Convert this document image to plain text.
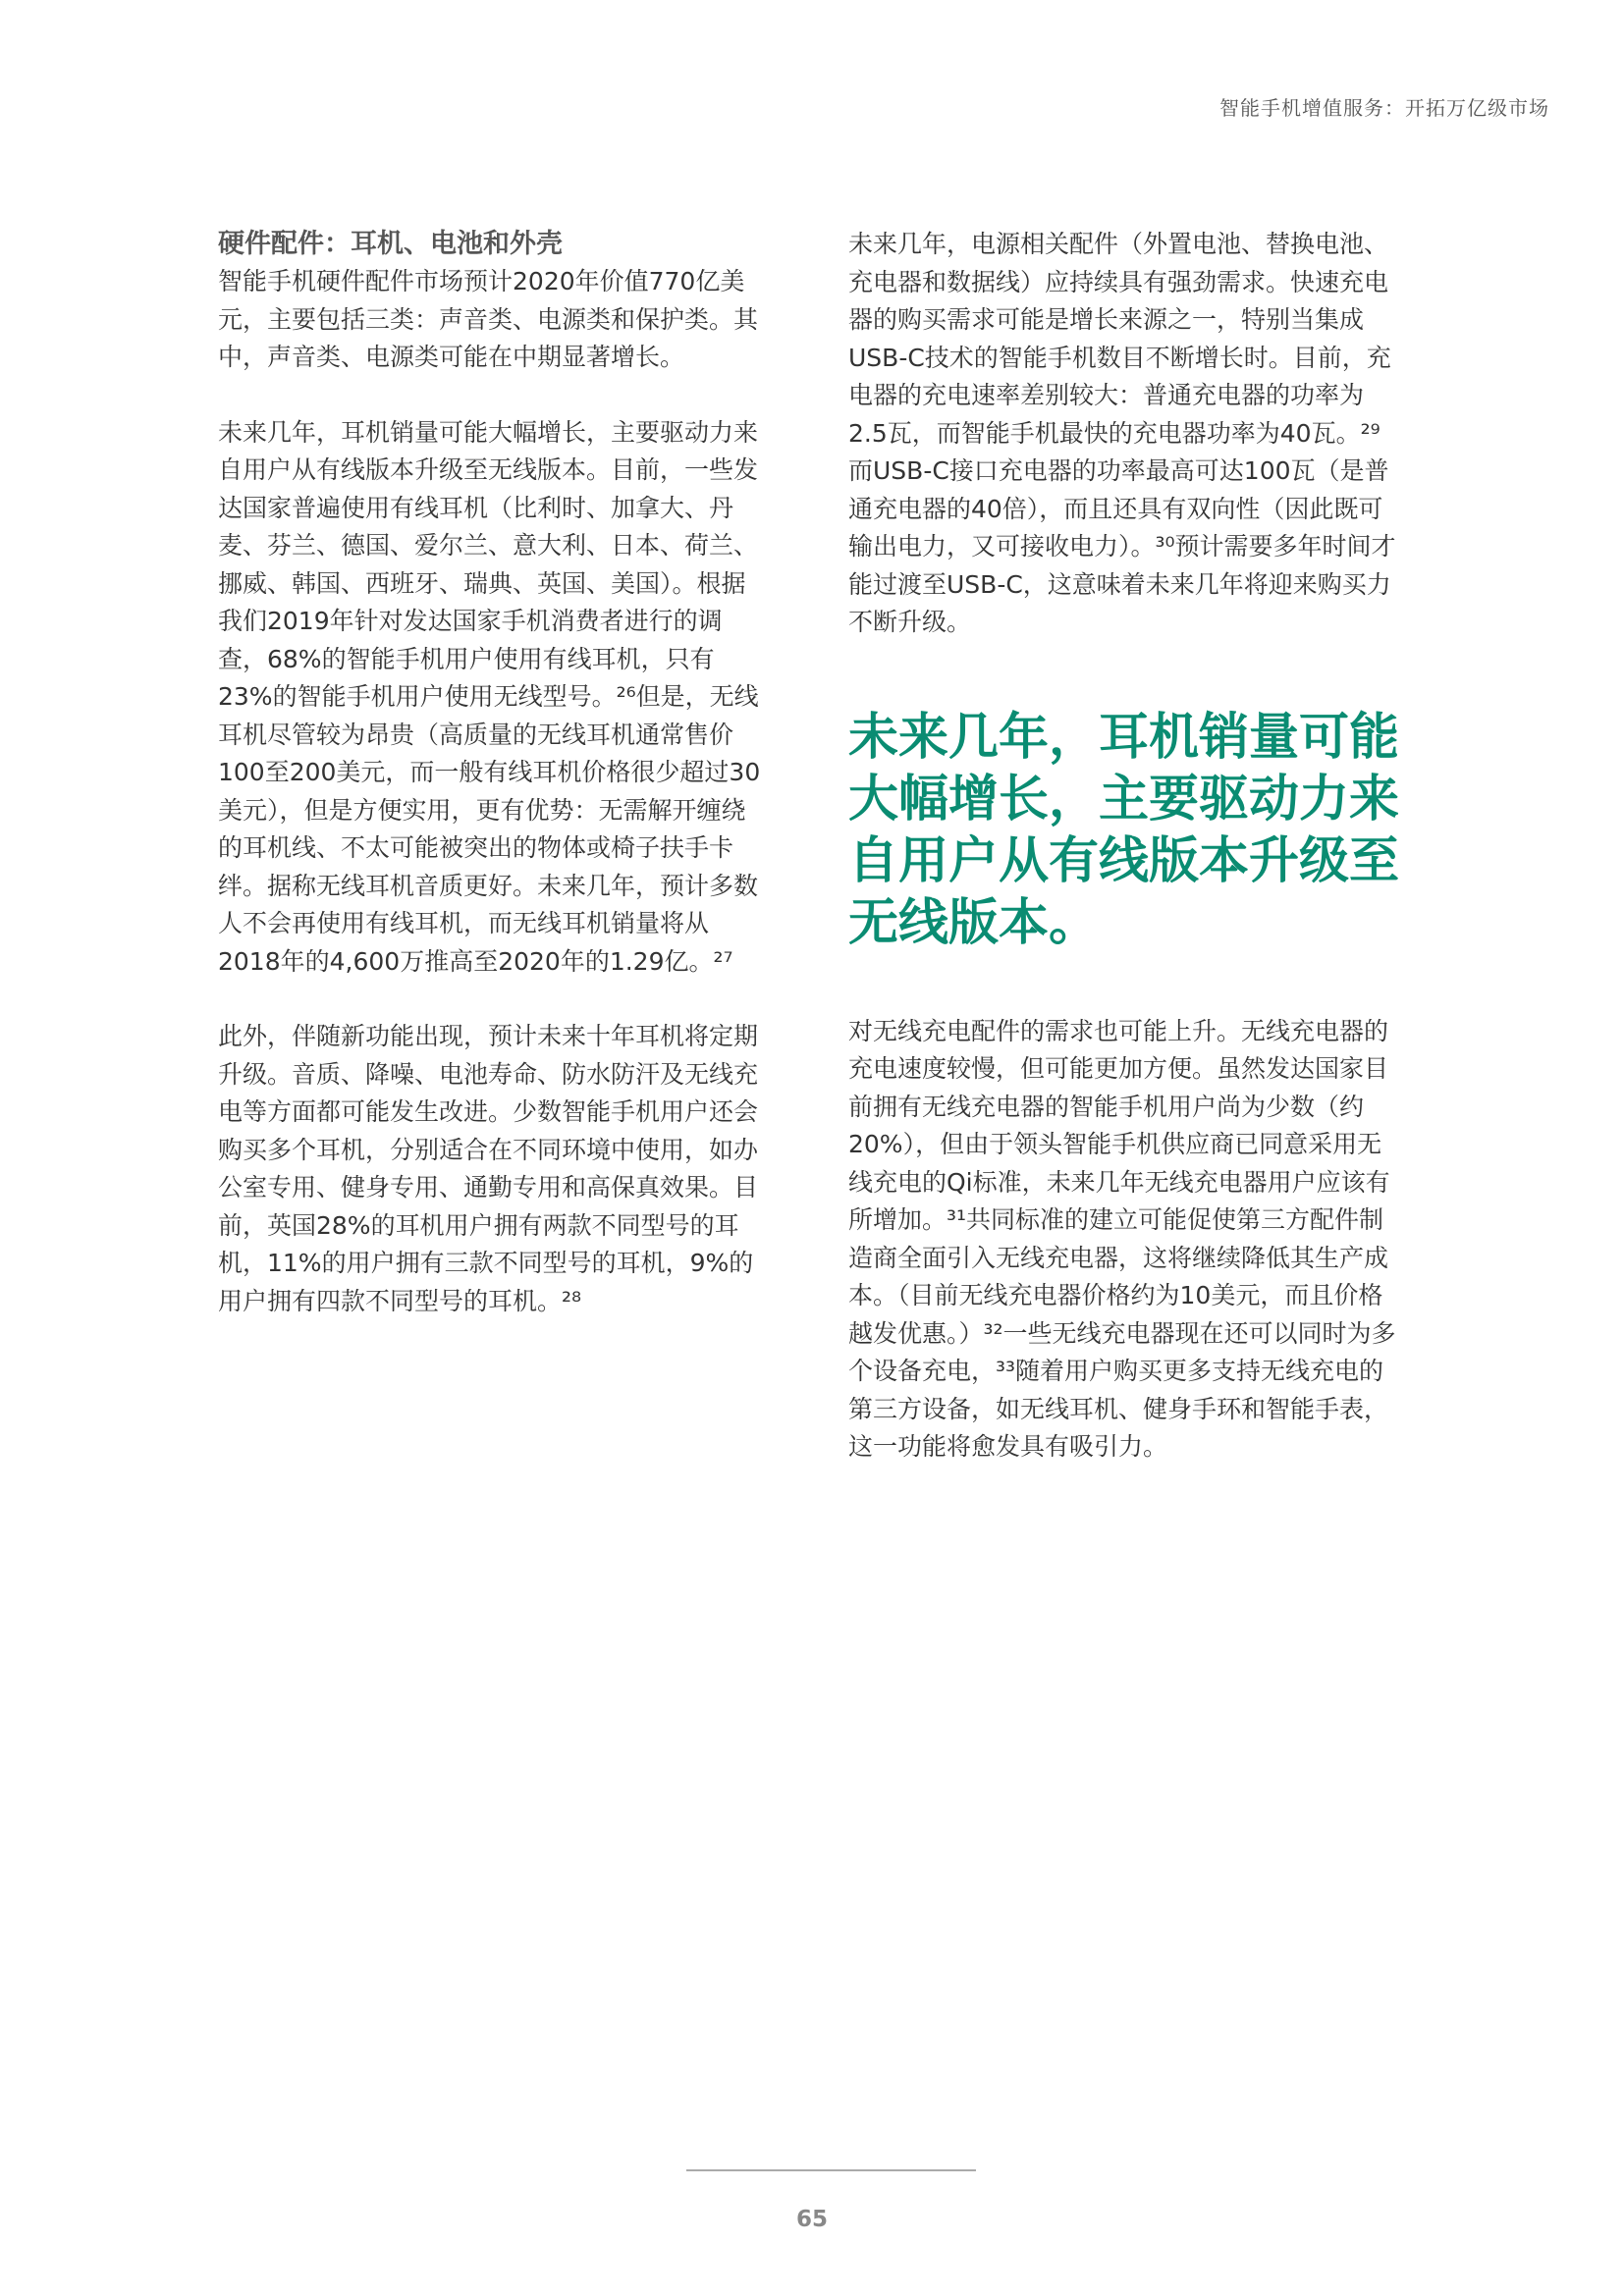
智能手机增值服务：开拓万亿级市场
硬件配件：耳机、电池和外壳

智能手机硬件配件市场预计2020年价值770亿美元，主要包括三类：声音类、电源类和保护类。其中，声音类、电源类可能在中期显著增长。

未来几年，耳机销量可能大幅增长，主要驱动力来自用户从有线版本升级至无线版本。目前，一些发达国家普遍使用有线耳机（比利时、加拿大、丹麦、芬兰、德国、爱尔兰、意大利、日本、荷兰、挪威、韩国、西班牙、瑞典、英国、美国）。根据我们2019年针对发达国家手机消费者进行的调查，68%的智能手机用户使用有线耳机，只有23%的智能手机用户使用无线型号。²⁶但是，无线耳机尽管较为昂贵（高质量的无线耳机通常售价100至200美元，而一般有线耳机价格很少超过30美元），但是方便实用，更有优势：无需解开缠绕的耳机线、不太可能被突出的物体或椅子扶手卡绊。据称无线耳机音质更好。未来几年，预计多数人不会再使用有线耳机，而无线耳机销量将从2018年的4,600万推高至2020年的1.29亿。²⁷

此外，伴随新功能出现，预计未来十年耳机将定期升级。音质、降噪、电池寿命、防水防汗及无线充电等方面都可能发生改进。少数智能手机用户还会购买多个耳机，分别适合在不同环境中使用，如办公室专用、健身专用、通勤专用和高保真效果。目前，英国28%的耳机用户拥有两款不同型号的耳机，11%的用户拥有三款不同型号的耳机，9%的用户拥有四款不同型号的耳机。²⁸

未来几年，电源相关配件（外置电池、替换电池、充电器和数据线）应持续具有强劲需求。快速充电器的购买需求可能是增长来源之一，特别当集成USB-C技术的智能手机数目不断增长时。目前，充电器的充电速率差别较大：普通充电器的功率为2.5瓦，而智能手机最快的充电器功率为40瓦。²⁹而USB-C接口充电器的功率最高可达100瓦（是普通充电器的40倍），而且还具有双向性（因此既可输出电力，又可接收电力）。³⁰预计需要多年时间才能过渡至USB-C，这意味着未来几年将迎来购买力不断升级。

未来几年，耳机销量可能大幅增长，主要驱动力来自用户从有线版本升级至无线版本。

对无线充电配件的需求也可能上升。无线充电器的充电速度较慢，但可能更加方便。虽然发达国家目前拥有无线充电器的智能手机用户尚为少数（约20%），但由于领头智能手机供应商已同意采用无线充电的Qi标准，未来几年无线充电器用户应该有所增加。³¹共同标准的建立可能促使第三方配件制造商全面引入无线充电器，这将继续降低其生产成本。（目前无线充电器价格约为10美元，而且价格越发优惠。）³²一些无线充电器现在还可以同时为多个设备充电，³³随着用户购买更多支持无线充电的第三方设备，如无线耳机、健身手环和智能手表，这一功能将愈发具有吸引力。

65
